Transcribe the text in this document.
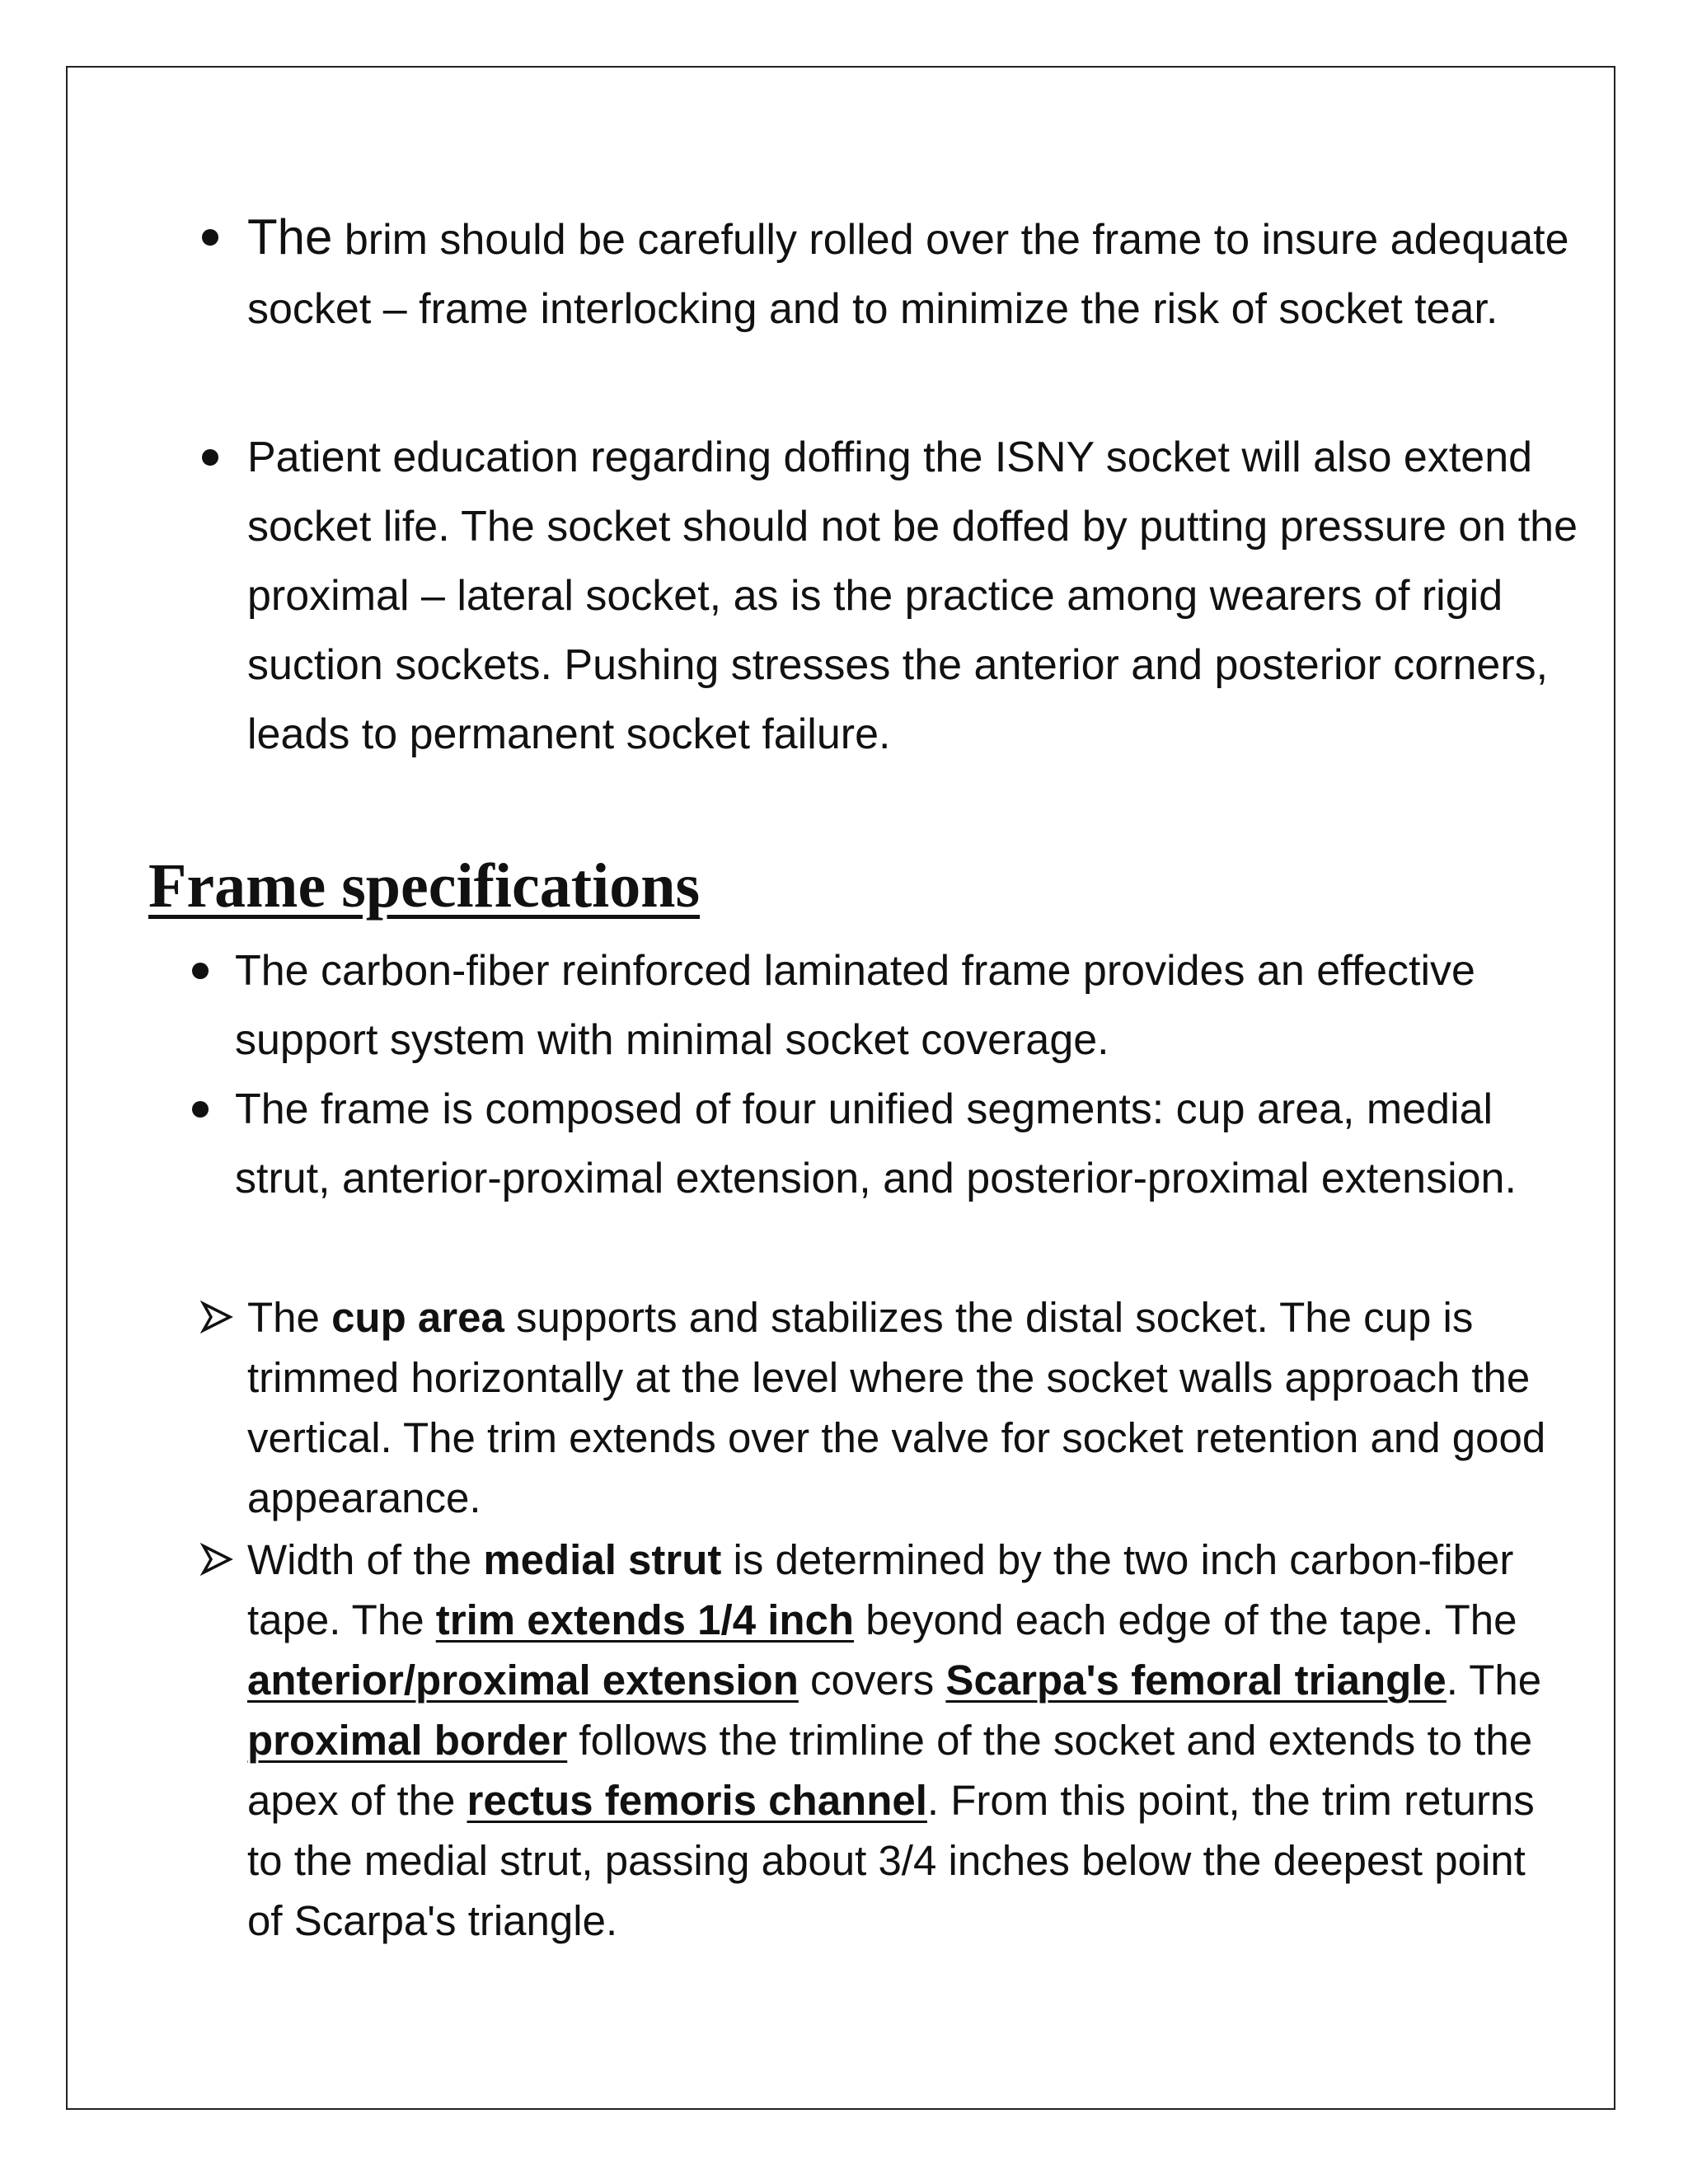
The brim should be carefully rolled over the frame to insure adequate socket – frame interlocking and to minimize the risk of socket tear.
Patient education regarding doffing the ISNY socket will also extend socket life. The socket should not be doffed by putting pressure on the proximal – lateral socket, as is the practice among wearers of rigid suction sockets. Pushing stresses the anterior and posterior corners, leads to permanent socket failure.
Frame specifications
The carbon-fiber reinforced laminated frame provides an effective support system with minimal socket coverage.
The frame is composed of four unified segments: cup area, medial strut, anterior-proximal extension, and posterior-proximal extension.
The cup area supports and stabilizes the distal socket. The cup is trimmed horizontally at the level where the socket walls approach the vertical. The trim extends over the valve for socket retention and good appearance.
Width of the medial strut is determined by the two inch carbon-fiber tape. The trim extends 1/4 inch beyond each edge of the tape. The anterior/proximal extension covers Scarpa's femoral triangle. The proximal border follows the trimline of the socket and extends to the apex of the rectus femoris channel. From this point, the trim returns to the medial strut, passing about 3/4 inches below the deepest point of Scarpa's triangle.
